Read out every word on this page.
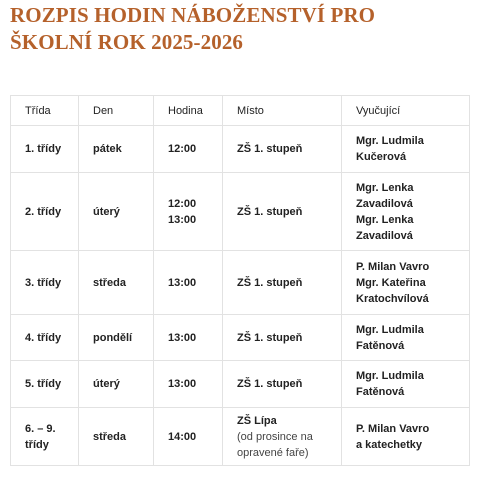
ROZPIS HODIN NÁBOŽENSTVÍ PRO
ŠKOLNÍ ROK 2025-2026
Třída	Den	Hodina	Místo	Vyučující
1. třídy	pátek	12:00	ZŠ 1. stupeň	Mgr. Ludmila
Kučerová

2. třídy	úterý	12:00
13:00	ZŠ 1. stupeň	Mgr. Lenka
Zavadilová
Mgr. Lenka
Zavadilová

3. třídy	středa	13:00	ZŠ 1. stupeň	P. Milan Vavro
Mgr. Kateřina
Kratochvílová

4. třídy	pondělí	13:00	ZŠ 1. stupeň	Mgr. Ludmila
Fatěnová

5. třídy	úterý	13:00	ZŠ 1. stupeň	Mgr. Ludmila
Fatěnová

6. – 9.
třídy	středa	14:00	ZŠ Lípa
(od prosince na
opravené faře)	P. Milan Vavro
a katechetky
